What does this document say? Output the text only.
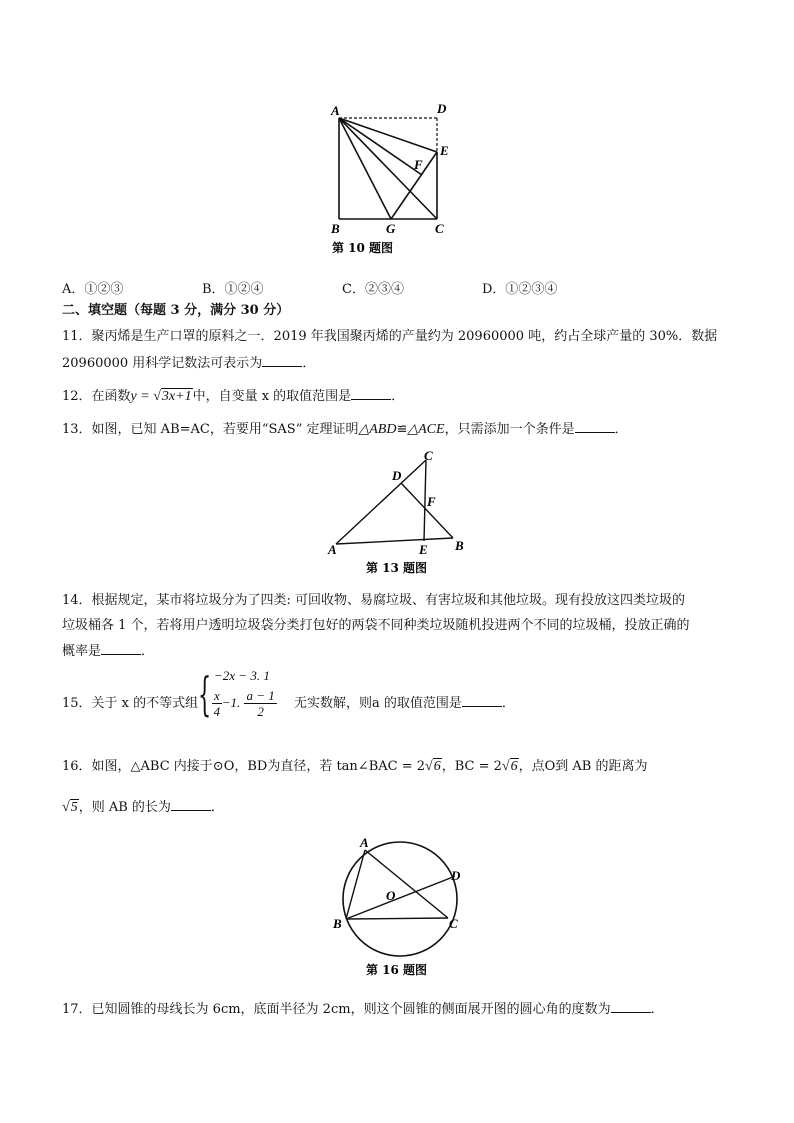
A	D
E
F
B	G	C
第 10 题图
A．①②③	B．①②④	C．②③④	D．①②③④
二、填空题（每题 3 分，满分 30 分）
11．聚丙烯是生产口罩的原料之一．2019 年我国聚丙烯的产量约为 20960000 吨，约占全球产量的 30%．数据
20960000 用科学记数法可表示为	．
12．在函数y = √3x+1中，自变量 x 的取值范围是	．
13．如图，已知 AB=AC，若要用“SAS” 定理证明△ABD≌△ACE，只需添加一个条件是	．
A	B
C
D
E
F
第 13 题图
14．根据规定，某市将垃圾分为了四类: 可回收物、易腐垃圾、有害垃圾和其他垃圾。现有投放这四类垃圾的
垃圾桶各 1 个，若将用户透明垃圾袋分类打包好的两袋不同种类垃圾随机投进两个不同的垃圾桶，投放正确的
概率是	．
15．关于 x 的不等式组 { −2x − 3. 1
$\frac{x}{4} -1$. $\frac{a - 1}{2}$ 无实数解，则a 的取值范围是	．
16．如图，△ABC 内接于⊙O，BD为直径，若 tan∠BAC = 2√6，BC = 2√6，点O到 AB 的距离为
√5，则 AB 的长为	．
A
B	C
D
O
第 16 题图
17．已知圆锥的母线长为 6cm，底面半径为 2cm，则这个圆锥的侧面展开图的圆心角的度数为	．
